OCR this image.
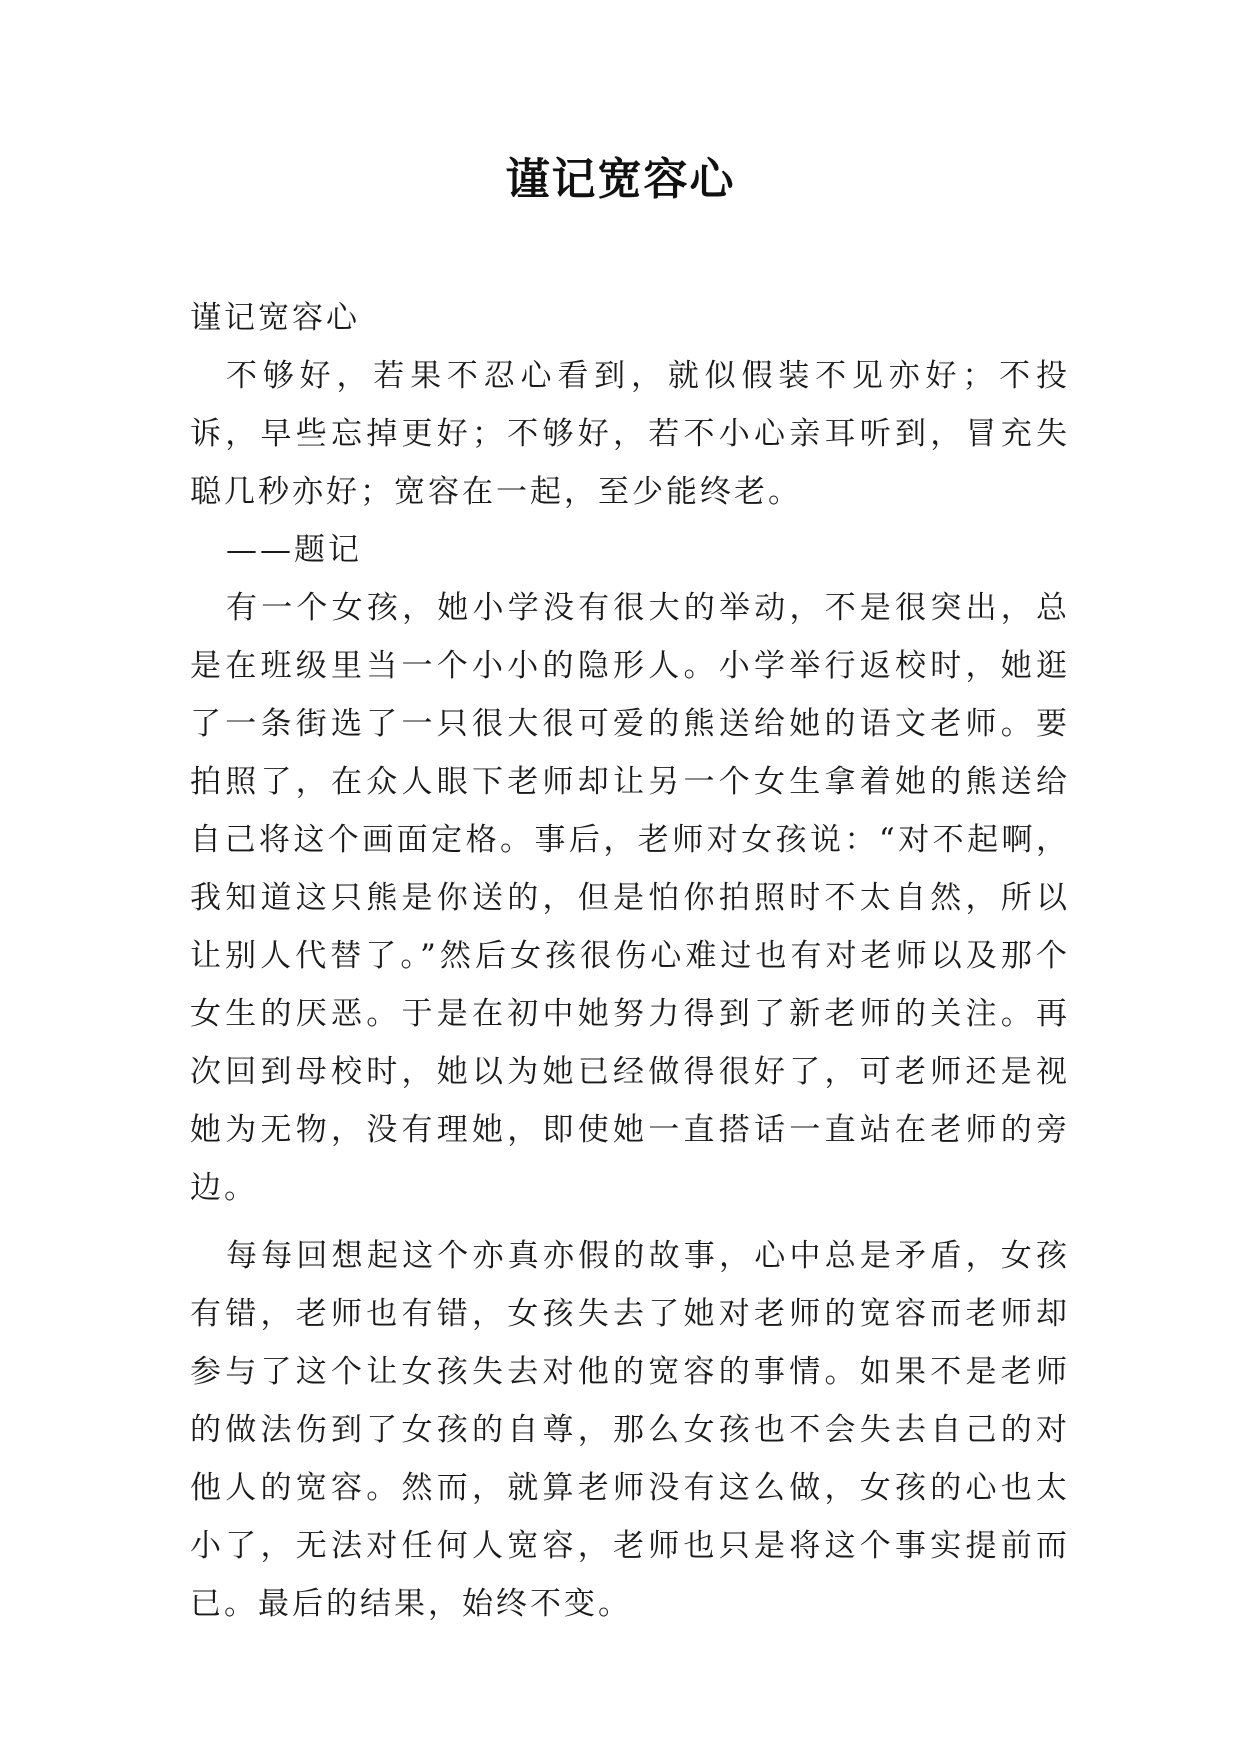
谨记宽容心

谨记宽容心

不够好，若果不忍心看到，就似假装不见亦好；不投诉，早些忘掉更好；不够好，若不小心亲耳听到，冒充失聪几秒亦好；宽容在一起，至少能终老。

——题记

有一个女孩，她小学没有很大的举动，不是很突出，总是在班级里当一个小小的隐形人。小学举行返校时，她逛了一条街选了一只很大很可爱的熊送给她的语文老师。要拍照了，在众人眼下老师却让另一个女生拿着她的熊送给自己将这个画面定格。事后，老师对女孩说：“对不起啊，我知道这只熊是你送的，但是怕你拍照时不太自然，所以让别人代替了。”然后女孩很伤心难过也有对老师以及那个女生的厌恶。于是在初中她努力得到了新老师的关注。再次回到母校时，她以为她已经做得很好了，可老师还是视她为无物，没有理她，即使她一直搭话一直站在老师的旁边。

每每回想起这个亦真亦假的故事，心中总是矛盾，女孩有错，老师也有错，女孩失去了她对老师的宽容而老师却参与了这个让女孩失去对他的宽容的事情。如果不是老师的做法伤到了女孩的自尊，那么女孩也不会失去自己的对他人的宽容。然而，就算老师没有这么做，女孩的心也太小了，无法对任何人宽容，老师也只是将这个事实提前而已。最后的结果，始终不变。
